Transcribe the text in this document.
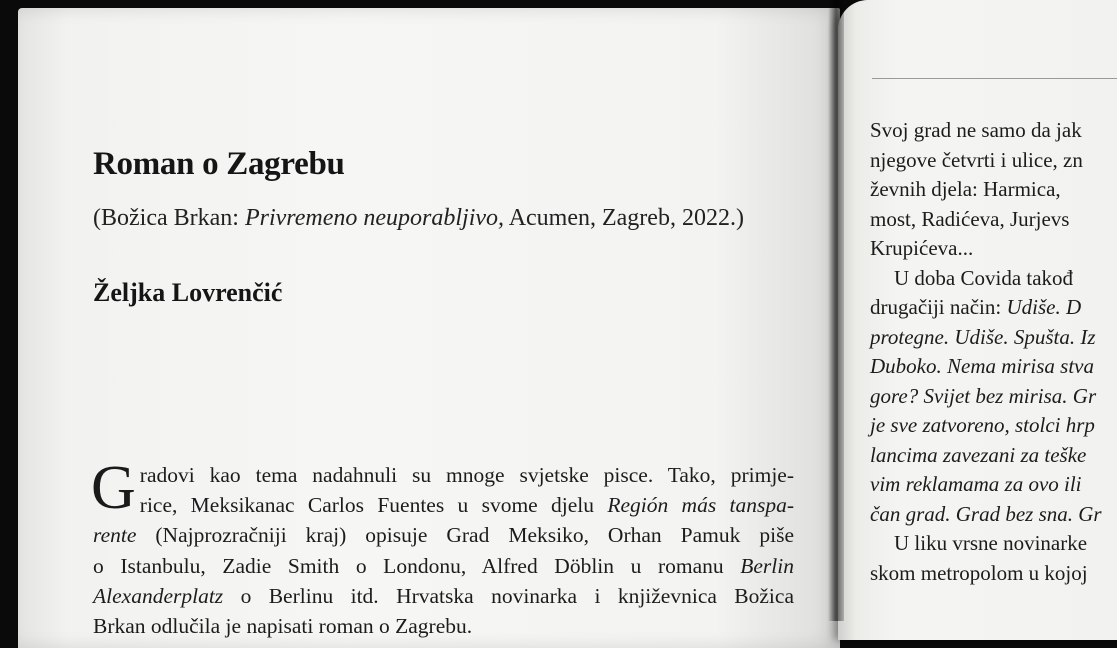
Roman o Zagrebu

(Božica Brkan: Privremeno neuporabljivo, Acumen, Zagreb, 2022.)

Željka Lovrenčić

G radovi kao tema nadahnuli su mnoge svjetske pisce. Tako, primje-
rice, Meksikanac Carlos Fuentes u svome djelu Región más tanspa-
rente (Najprozračniji kraj) opisuje Grad Meksiko, Orhan Pamuk piše
o Istanbulu, Zadie Smith o Londonu, Alfred Döblin u romanu Berlin
Alexanderplatz o Berlinu itd. Hrvatska novinarka i književnica Božica
Brkan odlučila je napisati roman o Zagrebu.
Svoj grad ne samo da jak
njegove četvrti i ulice, zn
ževnih djela: Harmica,
most, Radićeva, Jurjevs
Krupićeva...
U doba Covida takođ
drugačiji način: Udiše. D
protegne. Udiše. Spušta. Iz
Duboko. Nema mirisa stva
gore? Svijet bez mirisa. Gr
je sve zatvoreno, stolci hrp
lancima zavezani za teške
vim reklamama za ovo ili
čan grad. Grad bez sna. Gr
U liku vrsne novinarke
skom metropolom u kojoj
